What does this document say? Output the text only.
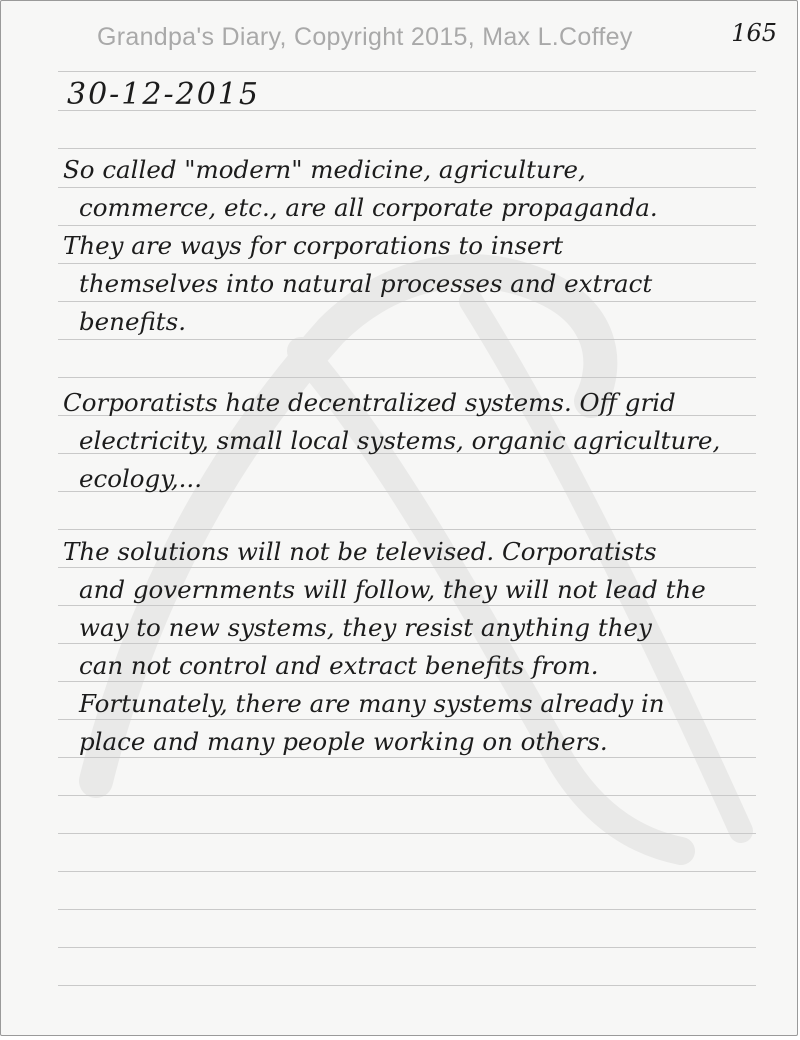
Grandpa's Diary, Copyright 2015, Max L.Coffey	165
30-12-2015

So called "modern" medicine, agriculture,
commerce, etc., are all corporate propaganda.
They are ways for corporations to insert
themselves into natural processes and extract
benefits.

Corporatists hate decentralized systems. Off grid
electricity, small local systems, organic agriculture,
ecology,...

The solutions will not be televised. Corporatists
and governments will follow, they will not lead the
way to new systems, they resist anything they
can not control and extract benefits from.
Fortunately, there are many systems already in
place and many people working on others.
